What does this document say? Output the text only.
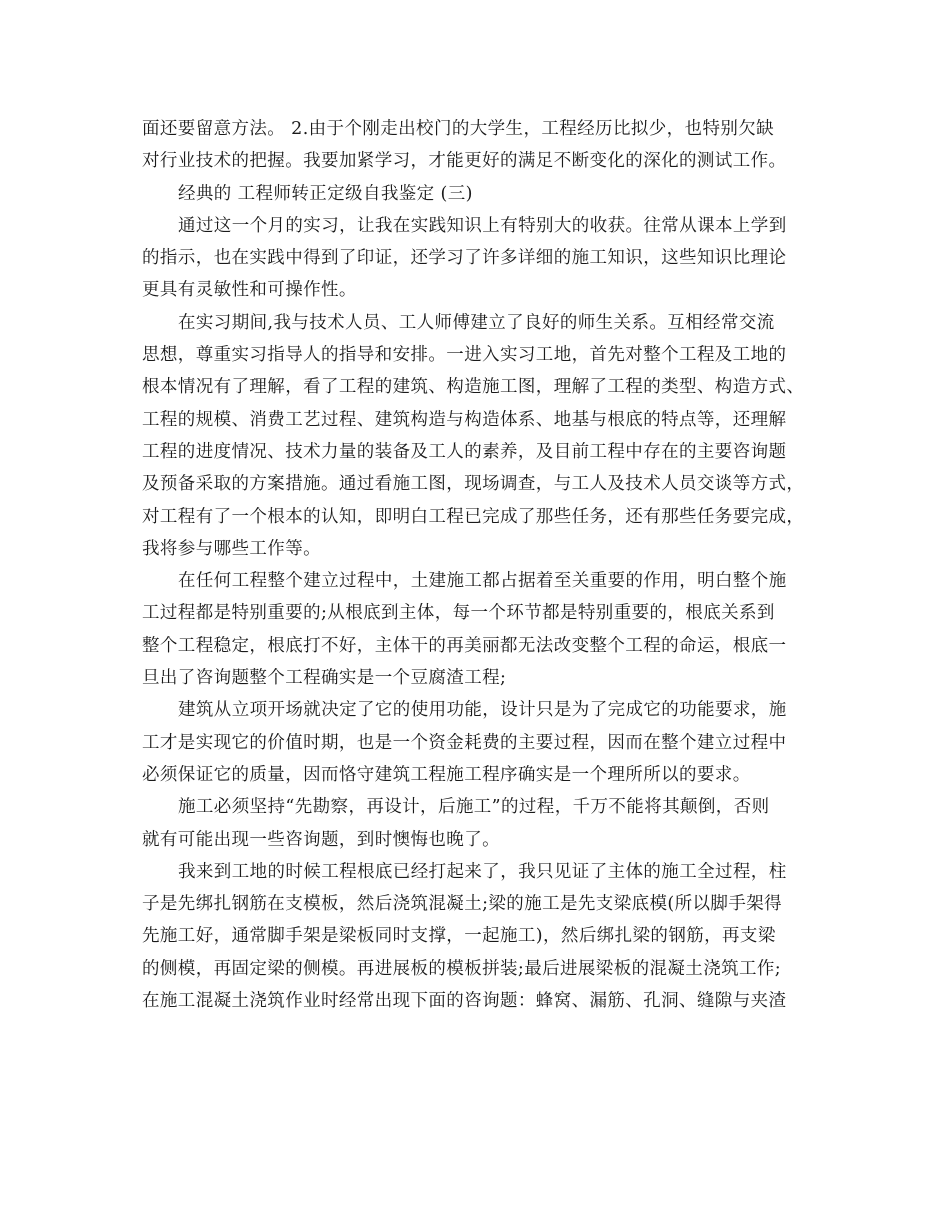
面还要留意方法。 2.由于个刚走出校门的大学生，工程经历比拟少，也特别欠缺
对行业技术的把握。我要加紧学习，才能更好的满足不断变化的深化的测试工作。
经典的 工程师转正定级自我鉴定 (三)
通过这一个月的实习，让我在实践知识上有特别大的收获。往常从课本上学到
的指示，也在实践中得到了印证，还学习了许多详细的施工知识，这些知识比理论
更具有灵敏性和可操作性。
在实习期间,我与技术人员、工人师傅建立了良好的师生关系。互相经常交流
思想，尊重实习指导人的指导和安排。一进入实习工地，首先对整个工程及工地的
根本情况有了理解，看了工程的建筑、构造施工图，理解了工程的类型、构造方式、
工程的规模、消费工艺过程、建筑构造与构造体系、地基与根底的特点等，还理解
工程的进度情况、技术力量的装备及工人的素养，及目前工程中存在的主要咨询题
及预备采取的方案措施。通过看施工图，现场调查，与工人及技术人员交谈等方式，
对工程有了一个根本的认知，即明白工程已完成了那些任务，还有那些任务要完成，
我将参与哪些工作等。
在任何工程整个建立过程中，土建施工都占据着至关重要的作用，明白整个施
工过程都是特别重要的;从根底到主体，每一个环节都是特别重要的，根底关系到
整个工程稳定，根底打不好，主体干的再美丽都无法改变整个工程的命运，根底一
旦出了咨询题整个工程确实是一个豆腐渣工程;
建筑从立项开场就决定了它的使用功能，设计只是为了完成它的功能要求，施
工才是实现它的价值时期，也是一个资金耗费的主要过程，因而在整个建立过程中
必须保证它的质量，因而恪守建筑工程施工程序确实是一个理所所以的要求。
施工必须坚持“先勘察，再设计，后施工”的过程，千万不能将其颠倒，否则
就有可能出现一些咨询题，到时懊悔也晚了。
我来到工地的时候工程根底已经打起来了，我只见证了主体的施工全过程，柱
子是先绑扎钢筋在支模板，然后浇筑混凝土;梁的施工是先支梁底模(所以脚手架得
先施工好，通常脚手架是梁板同时支撑，一起施工)，然后绑扎梁的钢筋，再支梁
的侧模，再固定梁的侧模。再进展板的模板拼装;最后进展梁板的混凝土浇筑工作;
在施工混凝土浇筑作业时经常出现下面的咨询题：蜂窝、漏筋、孔洞、缝隙与夹渣
